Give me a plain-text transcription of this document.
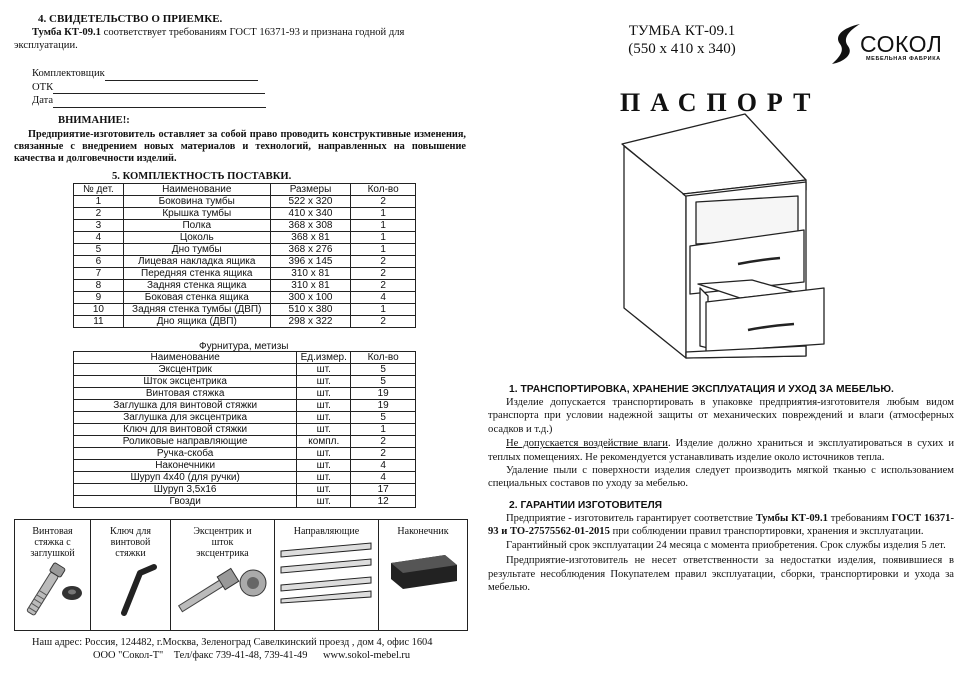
4. СВИДЕТЕЛЬСТВО О ПРИЕМКЕ.
Тумба КТ-09.1 соответствует требованиям ГОСТ 16371-93 и признана годной для эксплуатации.
Комплектовщик
ОТК
Дата
ВНИМАНИЕ!:
Предприятие-изготовитель оставляет за собой право проводить конструктивные изменения, связанные с внедрением новых материалов и технологий, направленных на повышение качества и долговечности изделий.
5. КОМПЛЕКТНОСТЬ ПОСТАВКИ.
№ дет.	Наименование	Размеры	Кол-во
1	Боковина тумбы	522 х 320	2
2	Крышка тумбы	410 х 340	1
3	Полка	368 х 308	1
4	Цоколь	368 х 81	1
5	Дно тумбы	368 х 276	1
6	Лицевая накладка ящика	396 х 145	2
7	Передняя стенка ящика	310 х 81	2
8	Задняя стенка ящика	310 х 81	2
9	Боковая стенка ящика	300 х 100	4
10	Задняя стенка тумбы (ДВП)	510 х 380	1
11	Дно ящика (ДВП)	298 х 322	2
Фурнитура, метизы
Наименование	Ед.измер.	Кол-во
Эксцентрик	шт.	5
Шток эксцентрика	шт.	5
Винтовая стяжка	шт.	19
Заглушка для винтовой стяжки	шт.	19
Заглушка для эксцентрика	шт.	5
Ключ для винтовой стяжки	шт.	1
Роликовые направляющие	компл.	2
Ручка-скоба	шт.	2
Наконечники	шт.	4
Шуруп 4х40 (для ручки)	шт.	4
Шуруп 3,5х16	шт.	17
Гвозди	шт.	12
Винтовая стяжка с заглушкой

Ключ для винтовой стяжки

Эксцентрик и шток эксцентрика

Направляющие	Наконечник
Наш адрес: Россия, 124482, г.Москва, Зеленоград Савелкинский проезд , дом 4, офис 1604
ООО "Сокол-Т" Тел/факс 739-41-48, 739-41-49 www.sokol-mebel.ru
ТУМБА КТ-09.1
(550 х 410 х 340)	СОКОЛ
МЕБЕЛЬНАЯ ФАБРИКА
ПАСПОРТ
1. ТРАНСПОРТИРОВКА, ХРАНЕНИЕ ЭКСПЛУАТАЦИЯ И УХОД ЗА МЕБЕЛЬЮ.
Изделие допускается транспортировать в упаковке предприятия-изготовителя любым видом транспорта при условии надежной защиты от механических повреждений и влаги (атмосферных осадков и т.д.)
Не допускается воздействие влаги. Изделие должно храниться и эксплуатироваться в сухих и теплых помещениях. Не рекомендуется устанавливать изделие около источников тепла.
Удаление пыли с поверхности изделия следует производить мягкой тканью с использованием специальных составов по уходу за мебелью.
2. ГАРАНТИИ ИЗГОТОВИТЕЛЯ
Предприятие - изготовитель гарантирует соответствие Тумбы КТ-09.1 требованиям ГОСТ 16371-93 и ТО-27575562-01-2015 при соблюдении правил транспортировки, хранения и эксплуатации.
Гарантийный срок эксплуатации 24 месяца с момента приобретения. Срок службы изделия 5 лет.
Предприятие-изготовитель не несет ответственности за недостатки изделия, появившиеся в результате несоблюдения Покупателем правил эксплуатации, сборки, транспортировки и ухода за мебелью.
